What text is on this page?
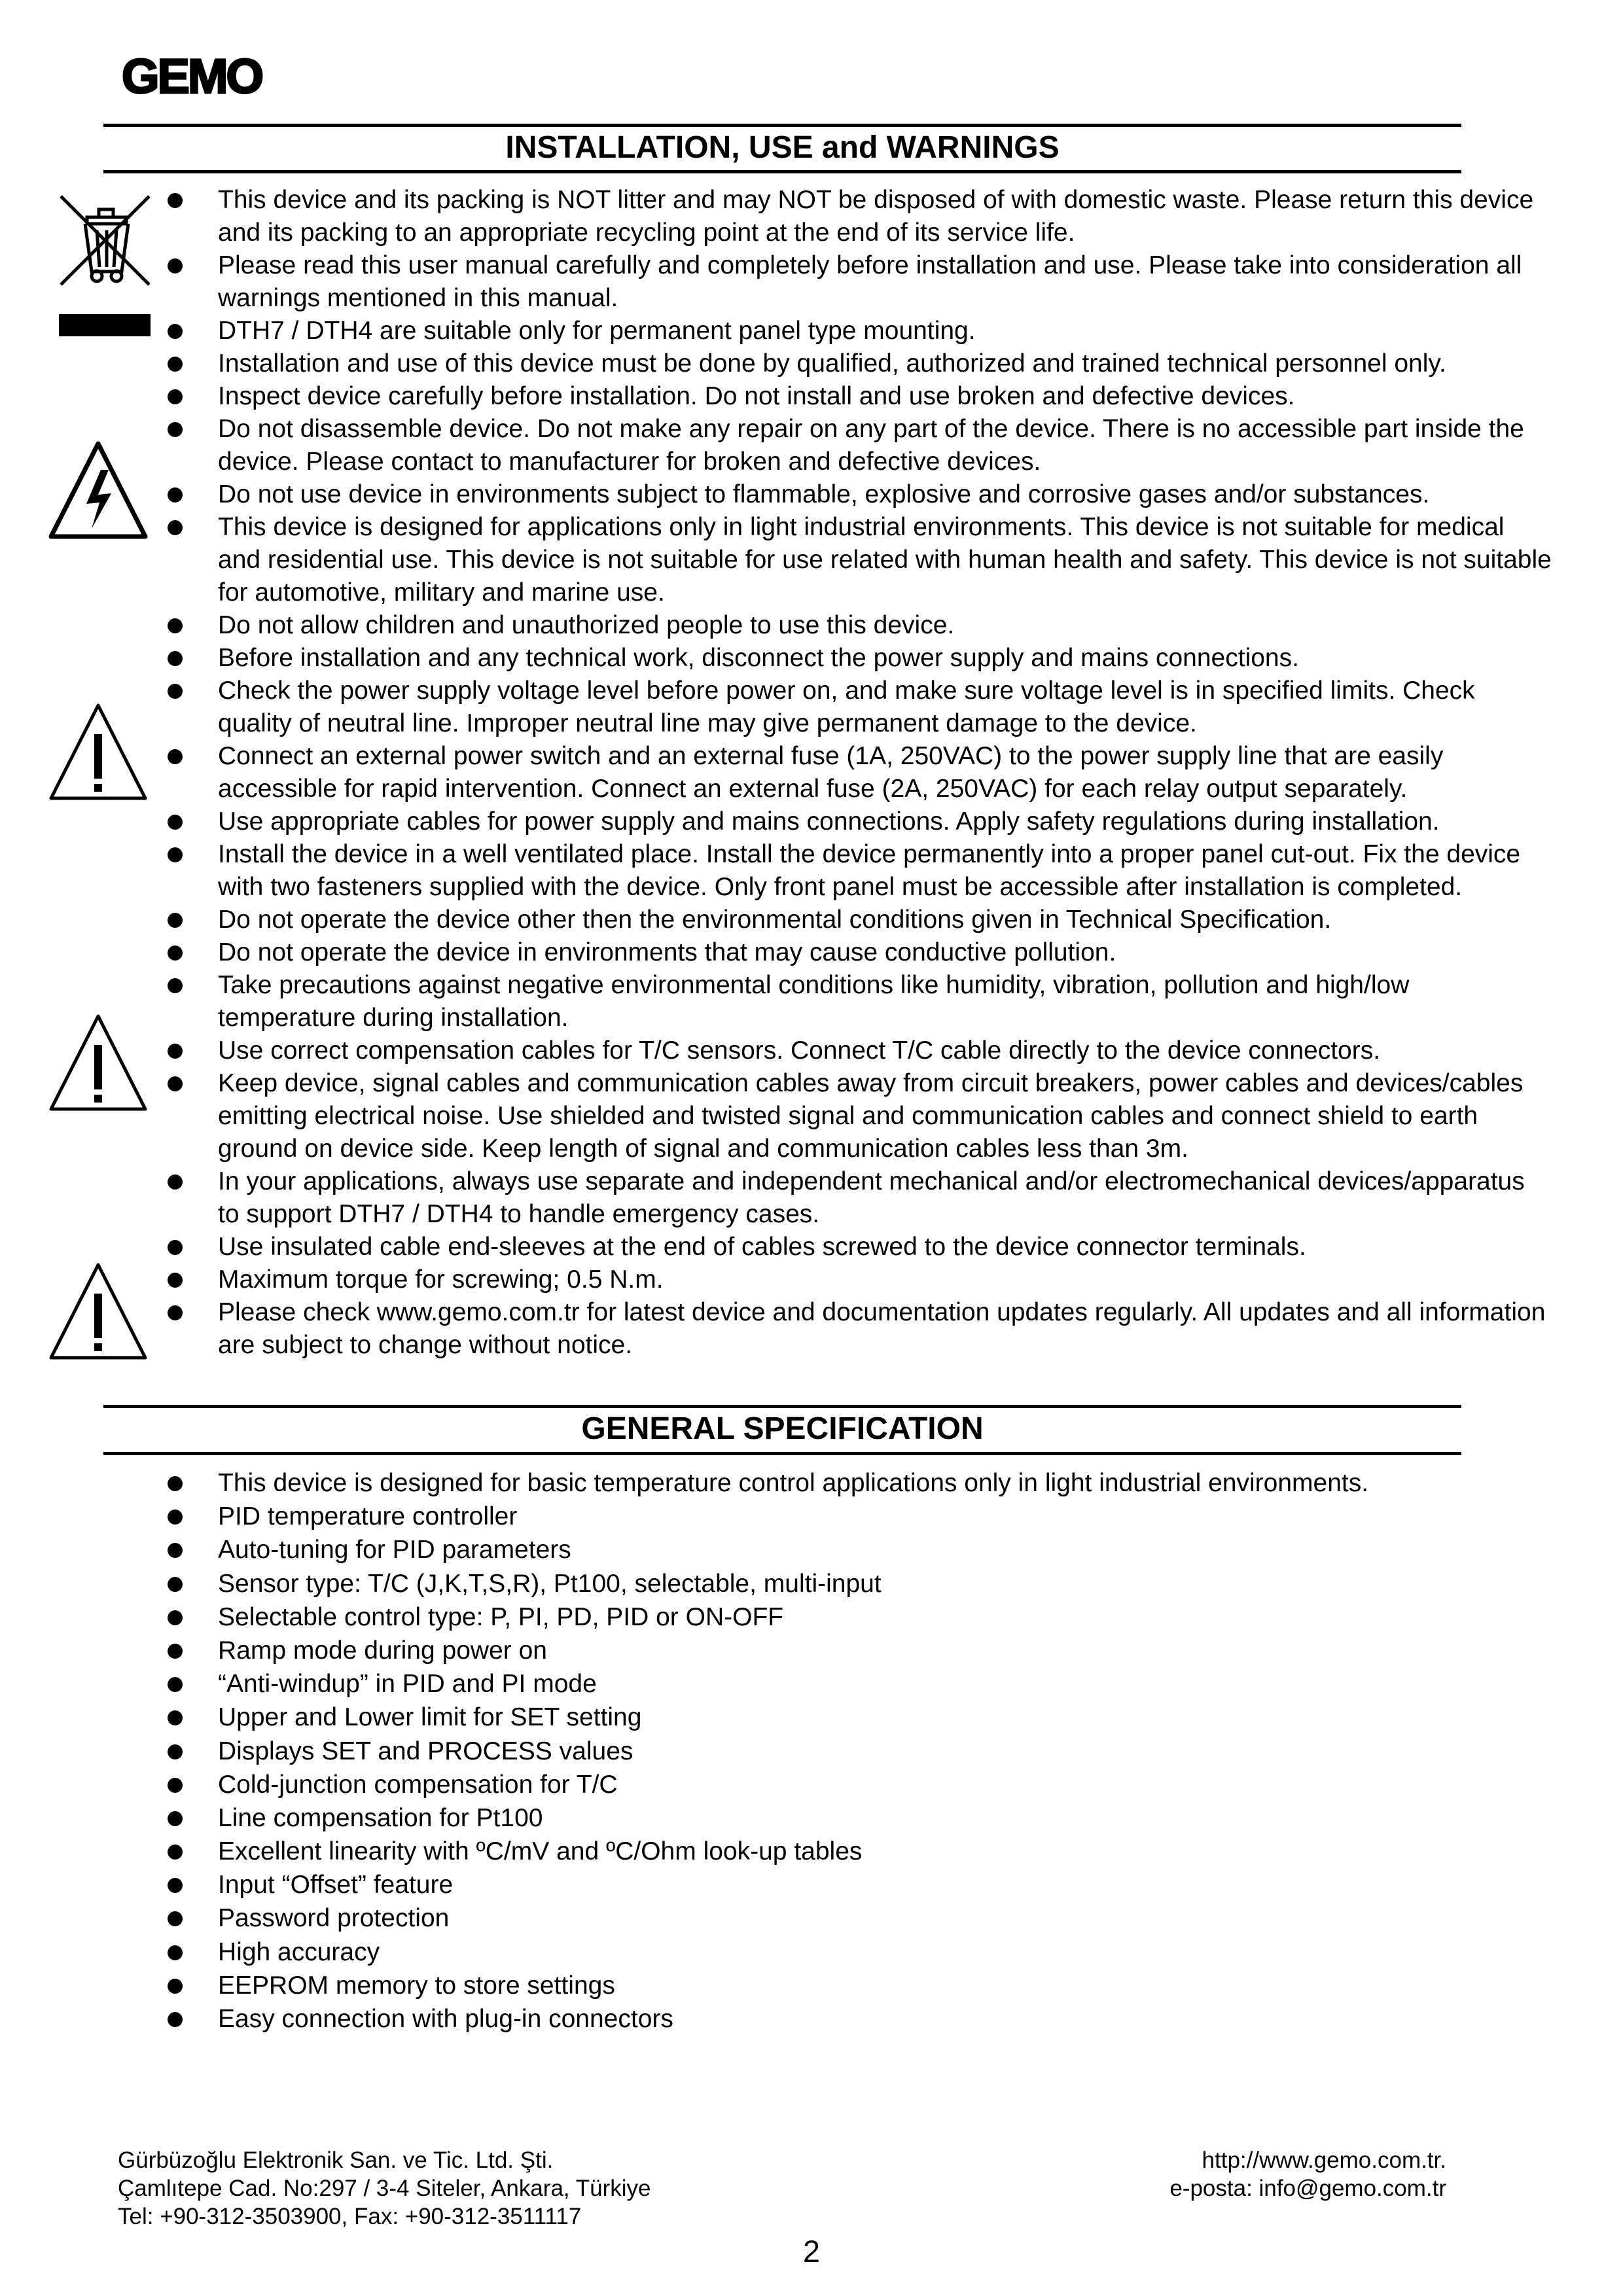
GEMO
INSTALLATION, USE and WARNINGS
This device and its packing is NOT litter and may NOT be disposed of with domestic waste. Please return this device and its packing to an appropriate recycling point at the end of its service life.
Please read this user manual carefully and completely before installation and use. Please take into consideration all warnings mentioned in this manual.
DTH7 / DTH4 are suitable only for permanent panel type mounting.
Installation and use of this device must be done by qualified, authorized and trained technical personnel only.
Inspect device carefully before installation. Do not install and use broken and defective devices.
Do not disassemble device. Do not make any repair on any part of the device. There is no accessible part inside the device. Please contact to manufacturer for broken and defective devices.
Do not use device in environments subject to flammable, explosive and corrosive gases and/or substances.
This device is designed for applications only in light industrial environments. This device is not suitable for medical and residential use. This device is not suitable for use related with human health and safety. This device is not suitable for automotive, military and marine use.
Do not allow children and unauthorized people to use this device.
Before installation and any technical work, disconnect the power supply and mains connections.
Check the power supply voltage level before power on, and make sure voltage level is in specified limits. Check quality of neutral line. Improper neutral line may give permanent damage to the device.
Connect an external power switch and an external fuse (1A, 250VAC) to the power supply line that are easily accessible for rapid intervention. Connect an external fuse (2A, 250VAC) for each relay output separately.
Use appropriate cables for power supply and mains connections. Apply safety regulations during installation.
Install the device in a well ventilated place. Install the device permanently into a proper panel cut-out. Fix the device with two fasteners supplied with the device. Only front panel must be accessible after installation is completed.
Do not operate the device other then the environmental conditions given in Technical Specification.
Do not operate the device in environments that may cause conductive pollution.
Take precautions against negative environmental conditions like humidity, vibration, pollution and high/low temperature during installation.
Use correct compensation cables for T/C sensors. Connect T/C cable directly to the device connectors.
Keep device, signal cables and communication cables away from circuit breakers, power cables and devices/cables emitting electrical noise. Use shielded and twisted signal and communication cables and connect shield to earth ground on device side. Keep length of signal and communication cables less than 3m.
In your applications, always use separate and independent mechanical and/or electromechanical devices/apparatus to support DTH7 / DTH4 to handle emergency cases.
Use insulated cable end-sleeves at the end of cables screwed to the device connector terminals.
Maximum torque for screwing; 0.5 N.m.
Please check www.gemo.com.tr for latest device and documentation updates regularly. All updates and all information are subject to change without notice.
GENERAL SPECIFICATION
This device is designed for basic temperature control applications only in light industrial environments.
PID temperature controller
Auto-tuning for PID parameters
Sensor type: T/C (J,K,T,S,R), Pt100, selectable, multi-input
Selectable control type: P, PI, PD, PID or ON-OFF
Ramp mode during power on
“Anti-windup” in PID and PI mode
Upper and Lower limit for SET setting
Displays SET and PROCESS values
Cold-junction compensation for T/C
Line compensation for Pt100
Excellent linearity with ºC/mV and ºC/Ohm look-up tables
Input “Offset” feature
Password protection
High accuracy
EEPROM memory to store settings
Easy connection with plug-in connectors
Gürbüzoğlu Elektronik San. ve Tic. Ltd. Şti.
Çamlıtepe Cad. No:297 / 3-4 Siteler, Ankara, Türkiye
Tel: +90-312-3503900, Fax: +90-312-3511117
http://www.gemo.com.tr.
e-posta: info@gemo.com.tr
2
